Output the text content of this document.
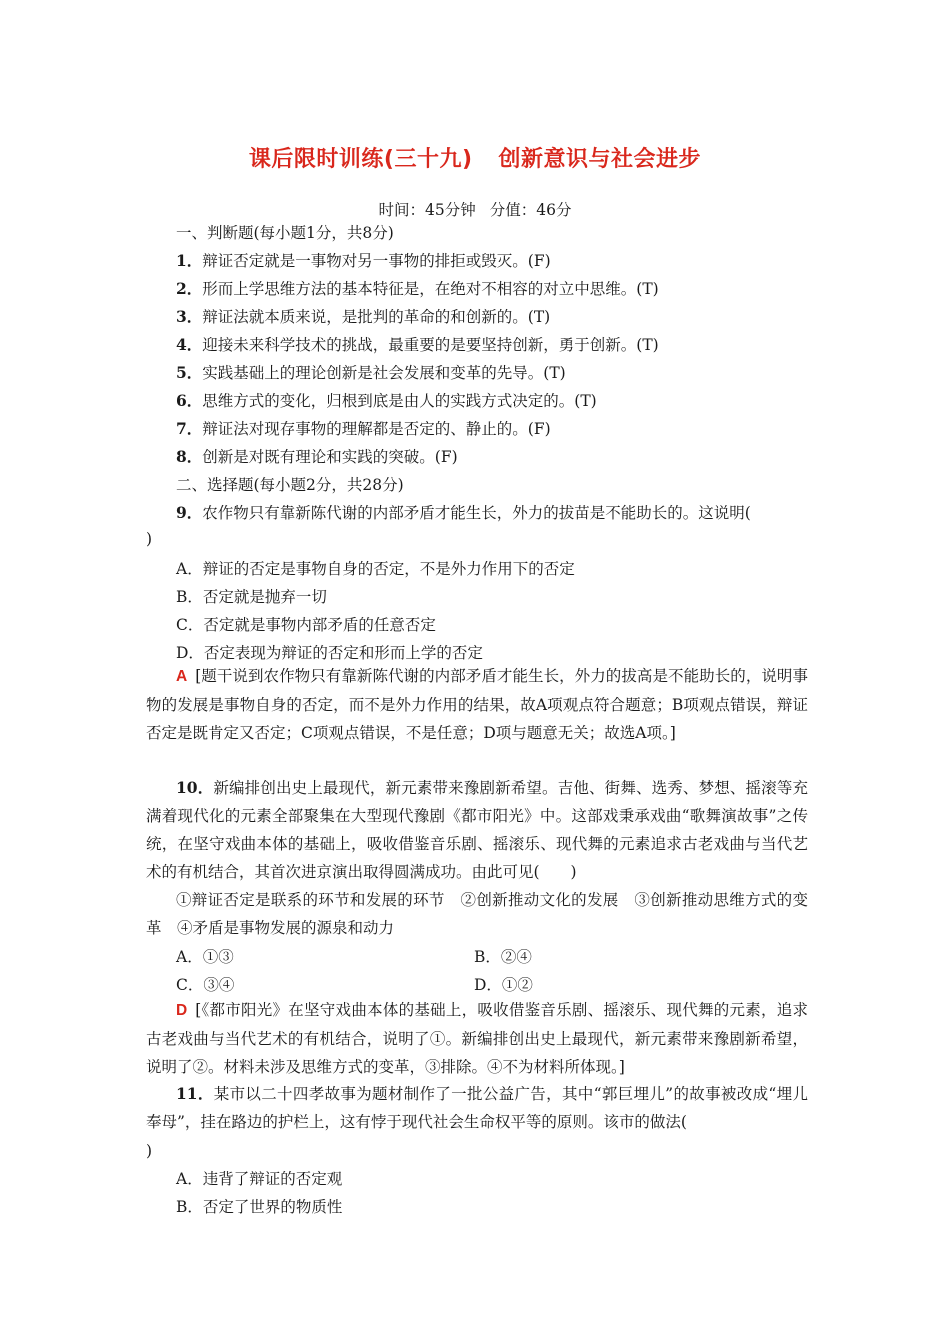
课后限时训练(三十九) 创新意识与社会进步
时间：45分钟 分值：46分
一、判断题(每小题1分，共8分)
1．辩证否定就是一事物对另一事物的排拒或毁灭。(F)
2．形而上学思维方法的基本特征是，在绝对不相容的对立中思维。(T)
3．辩证法就本质来说，是批判的革命的和创新的。(T)
4．迎接未来科学技术的挑战，最重要的是要坚持创新，勇于创新。(T)
5．实践基础上的理论创新是社会发展和变革的先导。(T)
6．思维方式的变化，归根到底是由人的实践方式决定的。(T)
7．辩证法对现存事物的理解都是否定的、静止的。(F)
8．创新是对既有理论和实践的突破。(F)
二、选择题(每小题2分，共28分)
9．农作物只有靠新陈代谢的内部矛盾才能生长，外力的拔苗是不能助长的。这说明(
)
A．辩证的否定是事物自身的否定，不是外力作用下的否定
B．否定就是抛弃一切
C．否定就是事物内部矛盾的任意否定
D．否定表现为辩证的否定和形而上学的否定
A [题干说到农作物只有靠新陈代谢的内部矛盾才能生长，外力的拔高是不能助长的，说明事物的发展是事物自身的否定，而不是外力作用的结果，故A项观点符合题意；B项观点错误，辩证否定是既肯定又否定；C项观点错误，不是任意；D项与题意无关；故选A项。]
10．新编排创出史上最现代，新元素带来豫剧新希望。吉他、街舞、选秀、梦想、摇滚等充满着现代化的元素全部聚集在大型现代豫剧《都市阳光》中。这部戏秉承戏曲“歌舞演故事”之传统，在坚守戏曲本体的基础上，吸收借鉴音乐剧、摇滚乐、现代舞的元素追求古老戏曲与当代艺术的有机结合，其首次进京演出取得圆满成功。由此可见(　　)
①辩证否定是联系的环节和发展的环节　②创新推动文化的发展　③创新推动思维方式的变革　④矛盾是事物发展的源泉和动力
A．①③	B．②④
C．③④	D．①②
D [《都市阳光》在坚守戏曲本体的基础上，吸收借鉴音乐剧、摇滚乐、现代舞的元素，追求古老戏曲与当代艺术的有机结合，说明了①。新编排创出史上最现代，新元素带来豫剧新希望，说明了②。材料未涉及思维方式的变革，③排除。④不为材料所体现。]
11．某市以二十四孝故事为题材制作了一批公益广告，其中“郭巨埋儿”的故事被改成“埋儿奉母”，挂在路边的护栏上，这有悖于现代社会生命权平等的原则。该市的做法(
)
A．违背了辩证的否定观
B．否定了世界的物质性
